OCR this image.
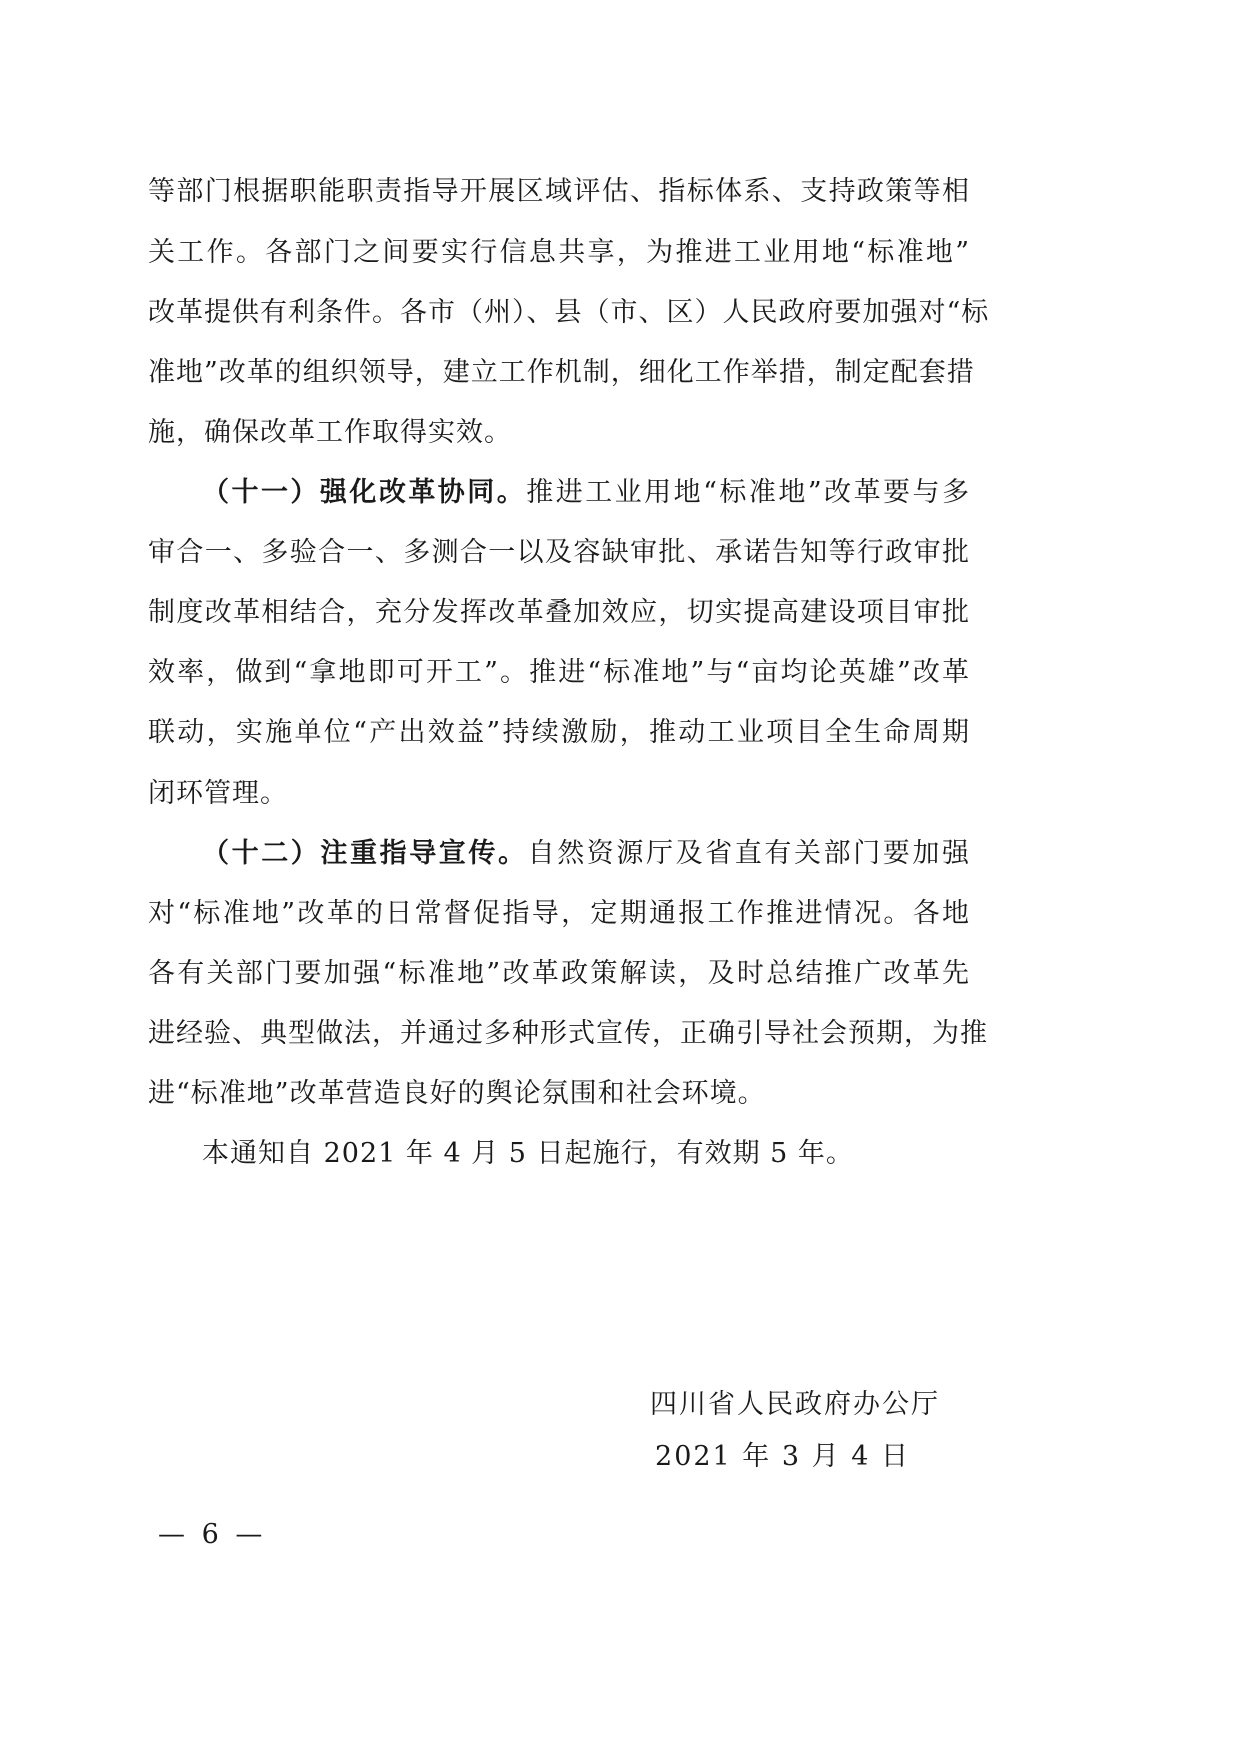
等部门根据职能职责指导开展区域评估、指标体系、支持政策等相
关工作。各部门之间要实行信息共享，为推进工业用地“标准地”
改革提供有利条件。各市（州）、县（市、区）人民政府要加强对“标
准地”改革的组织领导，建立工作机制，细化工作举措，制定配套措
施，确保改革工作取得实效。
（十一）强化改革协同。推进工业用地“标准地”改革要与多
审合一、多验合一、多测合一以及容缺审批、承诺告知等行政审批
制度改革相结合，充分发挥改革叠加效应，切实提高建设项目审批
效率，做到“拿地即可开工”。推进“标准地”与“亩均论英雄”改革
联动，实施单位“产出效益”持续激励，推动工业项目全生命周期
闭环管理。
（十二）注重指导宣传。自然资源厅及省直有关部门要加强
对“标准地”改革的日常督促指导，定期通报工作推进情况。各地
各有关部门要加强“标准地”改革政策解读，及时总结推广改革先
进经验、典型做法，并通过多种形式宣传，正确引导社会预期，为推
进“标准地”改革营造良好的舆论氛围和社会环境。
本通知自 2021 年 4 月 5 日起施行，有效期 5 年。
四川省人民政府办公厅
2021 年 3 月 4 日
— 6 —
